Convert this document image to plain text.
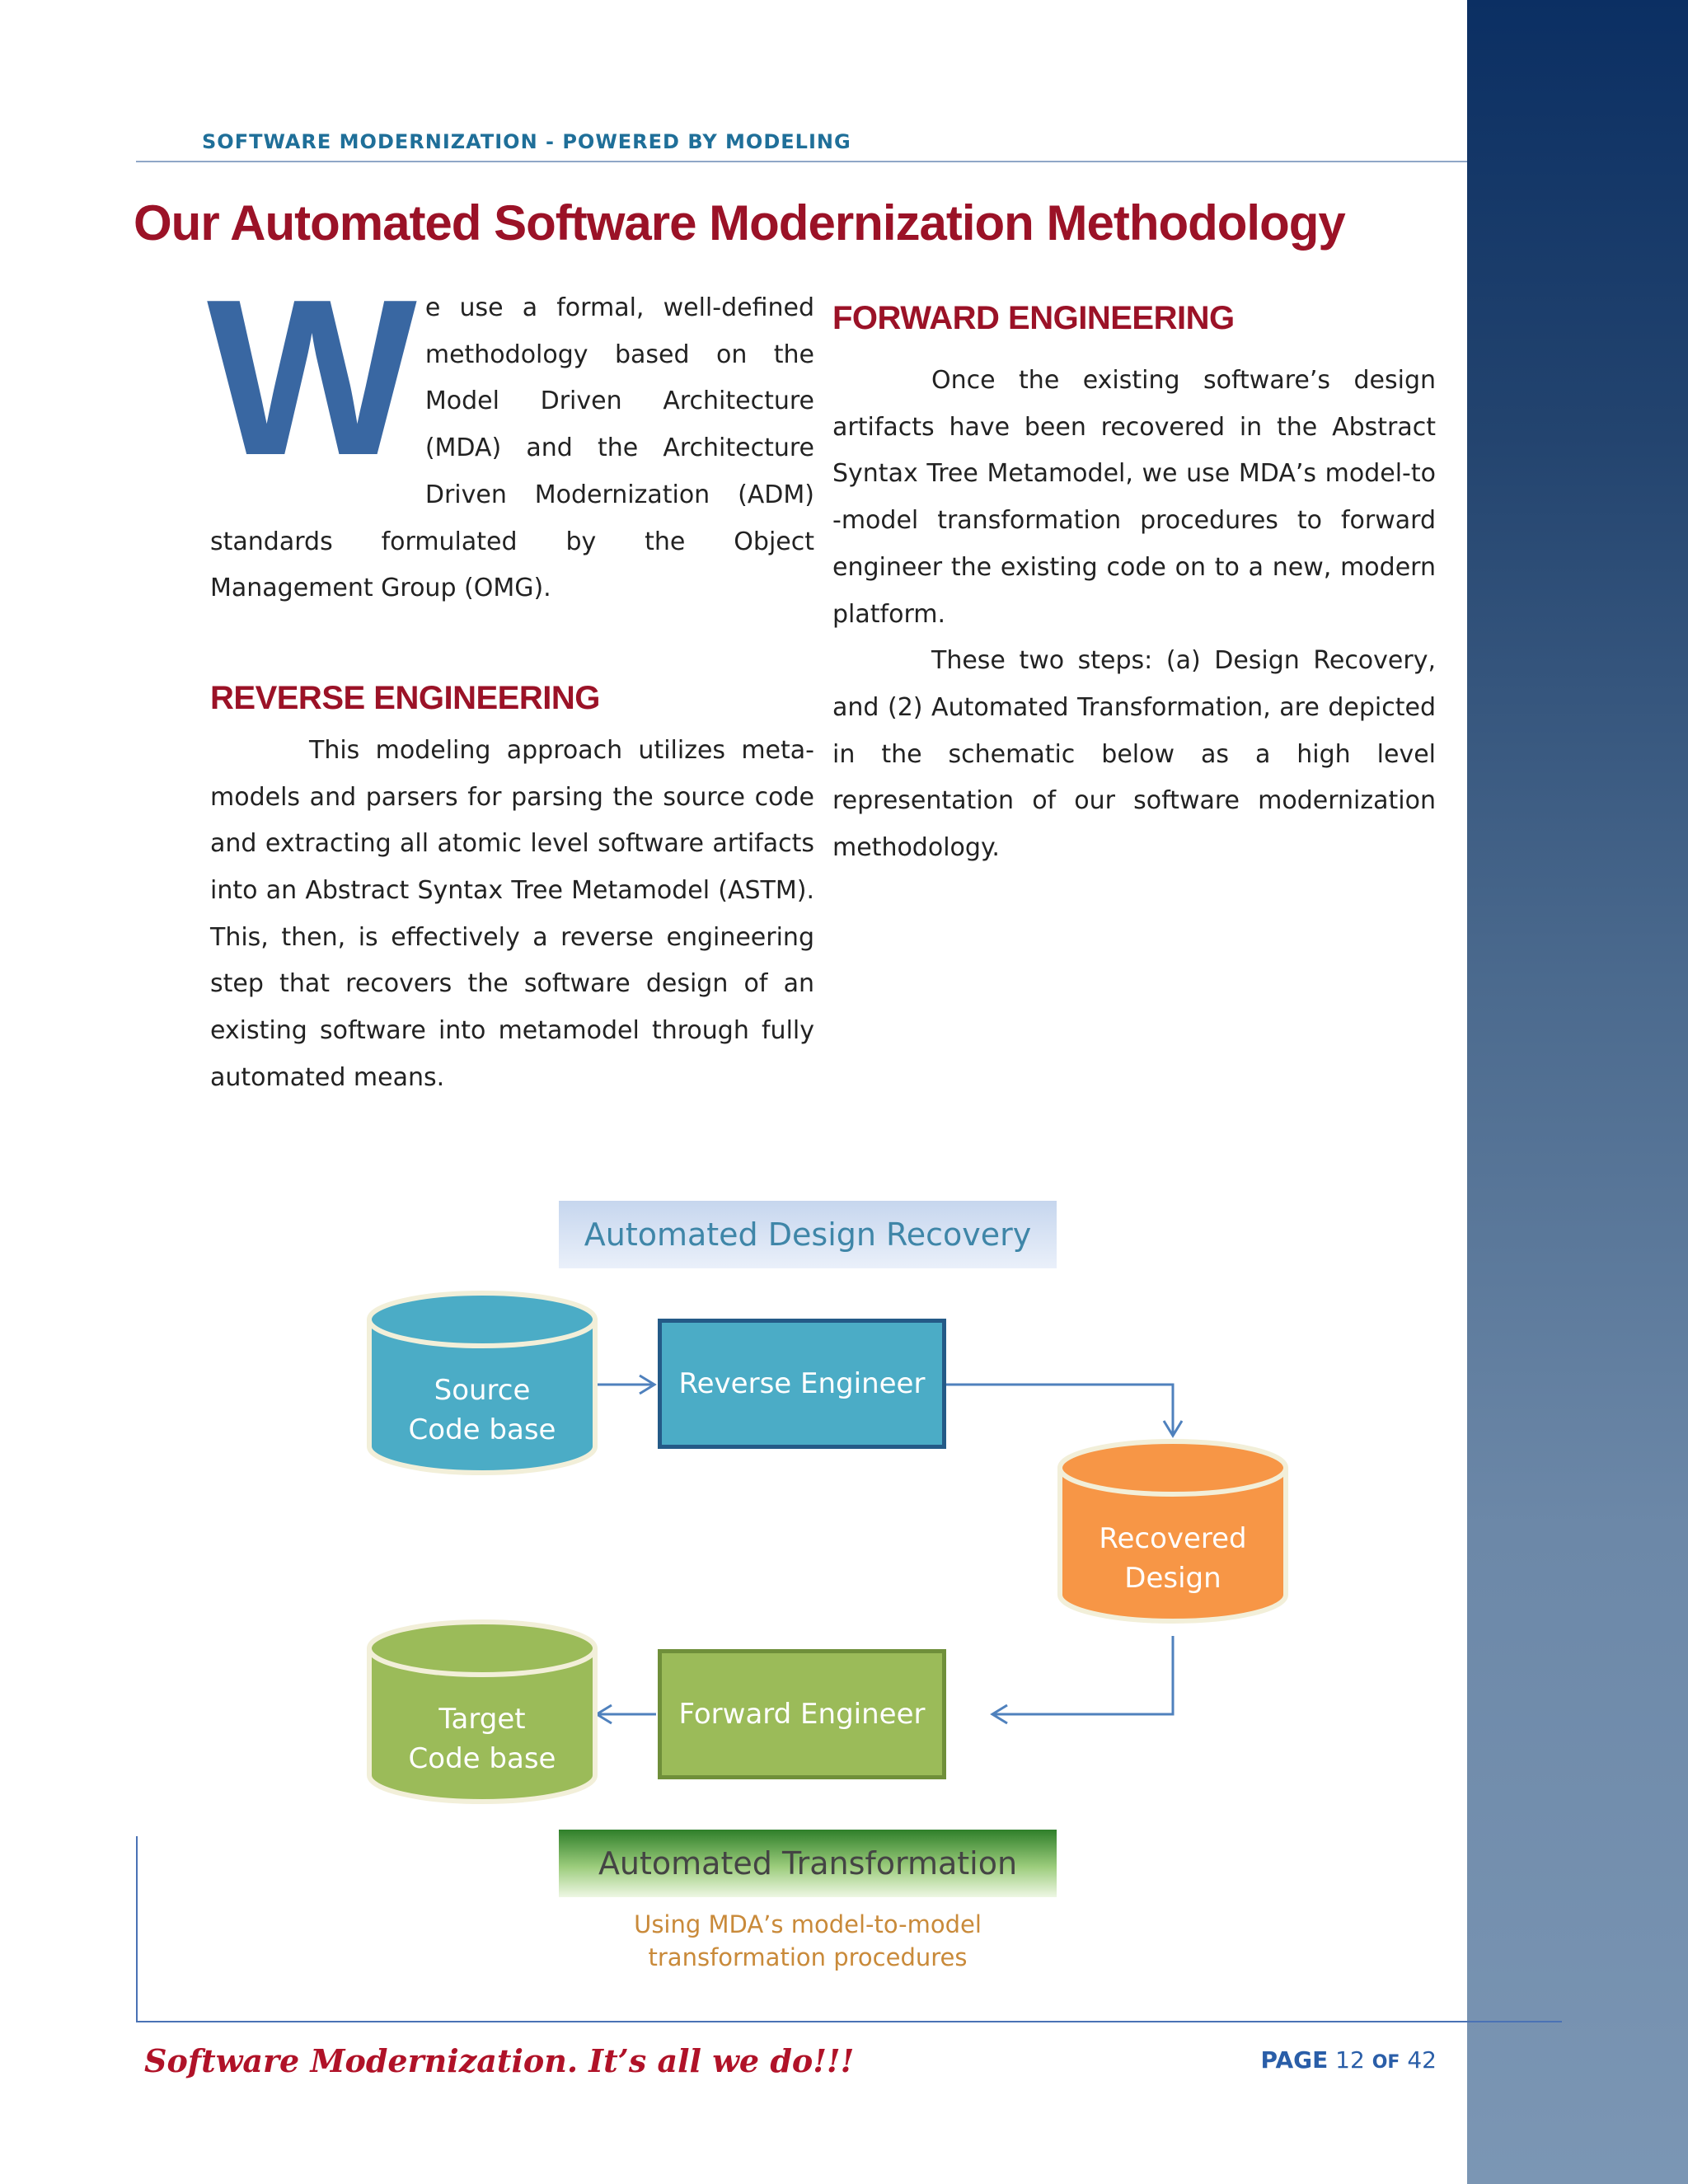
SOFTWARE MODERNIZATION - POWERED BY MODELING
Our Automated Software Modernization Methodology

We use a formal, well-defined methodology based on the Model Driven Architecture (MDA) and the Architecture Driven Modernization (ADM) standards formulated by the Object Management Group (OMG).

REVERSE ENGINEERING

This modeling approach utilizes meta-models and parsers for parsing the source code and extracting all atomic level software artifacts into an Abstract Syntax Tree Metamodel (ASTM). This, then, is effectively a reverse engineering step that recovers the software design of an existing software into metamodel through fully automated means.

FORWARD ENGINEERING

Once the existing software’s design artifacts have been recovered in the Abstract Syntax Tree Metamodel, we use MDA’s model-to -model transformation procedures to forward engineer the existing code on to a new, modern platform.

These two steps: (a) Design Recovery, and (2) Automated Transformation, are depicted in the schematic below as a high level representation of our software modernization methodology.

Automated Design Recovery
Source
Code base
Reverse Engineer
Recovered
Design
Forward Engineer
Target
Code base
Automated Transformation
Using MDA’s model-to-model
transformation procedures
Software Modernization. It’s all we do!!!	PAGE 12 OF 42
